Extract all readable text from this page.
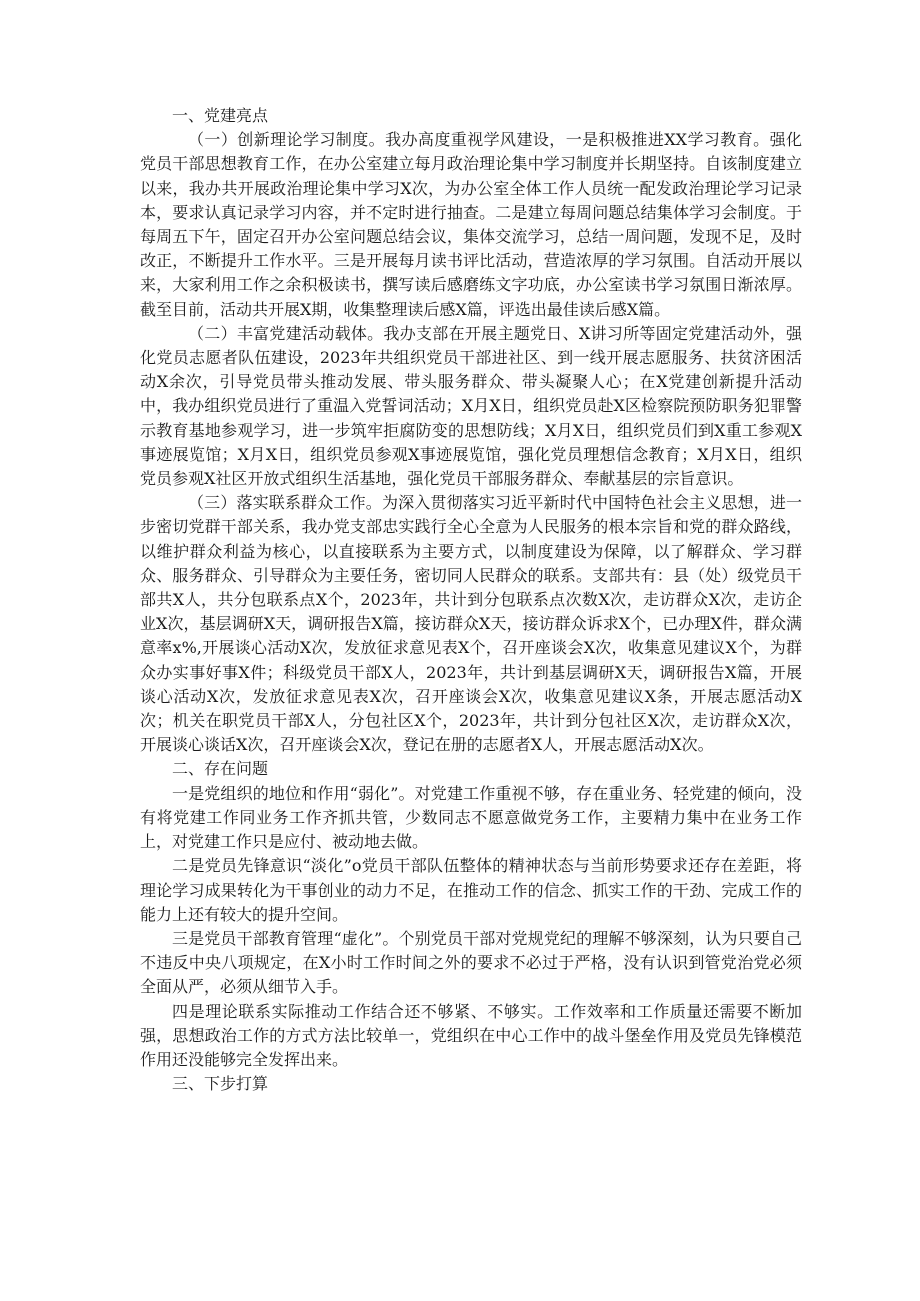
一、党建亮点

（一）创新理论学习制度。我办高度重视学风建设，一是积极推进XX学习教育。强化党员干部思想教育工作，在办公室建立每月政治理论集中学习制度并长期坚持。自该制度建立以来，我办共开展政治理论集中学习X次，为办公室全体工作人员统一配发政治理论学习记录本，要求认真记录学习内容，并不定时进行抽查。二是建立每周问题总结集体学习会制度。于每周五下午，固定召开办公室问题总结会议，集体交流学习，总结一周问题，发现不足，及时改正，不断提升工作水平。三是开展每月读书评比活动，营造浓厚的学习氛围。自活动开展以来，大家利用工作之余积极读书，撰写读后感磨练文字功底，办公室读书学习氛围日渐浓厚。截至目前，活动共开展X期，收集整理读后感X篇，评选出最佳读后感X篇。

（二）丰富党建活动载体。我办支部在开展主题党日、X讲习所等固定党建活动外，强化党员志愿者队伍建设，2023年共组织党员干部进社区、到一线开展志愿服务、扶贫济困活动X余次，引导党员带头推动发展、带头服务群众、带头凝聚人心；在X党建创新提升活动中，我办组织党员进行了重温入党誓词活动；X月X日，组织党员赴X区检察院预防职务犯罪警示教育基地参观学习，进一步筑牢拒腐防变的思想防线；X月X日，组织党员们到X重工参观X事迹展览馆；X月X日，组织党员参观X事迹展览馆，强化党员理想信念教育；X月X日，组织党员参观X社区开放式组织生活基地，强化党员干部服务群众、奉献基层的宗旨意识。

（三）落实联系群众工作。为深入贯彻落实习近平新时代中国特色社会主义思想，进一步密切党群干部关系，我办党支部忠实践行全心全意为人民服务的根本宗旨和党的群众路线，以维护群众利益为核心，以直接联系为主要方式，以制度建设为保障，以了解群众、学习群众、服务群众、引导群众为主要任务，密切同人民群众的联系。支部共有：县（处）级党员干部共X人，共分包联系点X个，2023年，共计到分包联系点次数X次，走访群众X次，走访企业X次，基层调研X天，调研报告X篇，接访群众X天，接访群众诉求X个，已办理X件，群众满意率x%,开展谈心活动X次，发放征求意见表X个，召开座谈会X次，收集意见建议X个，为群众办实事好事X件；科级党员干部X人，2023年，共计到基层调研X天，调研报告X篇，开展谈心活动X次，发放征求意见表X次，召开座谈会X次，收集意见建议X条，开展志愿活动X次；机关在职党员干部X人，分包社区X个，2023年，共计到分包社区X次，走访群众X次，开展谈心谈话X次，召开座谈会X次，登记在册的志愿者X人，开展志愿活动X次。

二、存在问题

一是党组织的地位和作用“弱化”。对党建工作重视不够，存在重业务、轻党建的倾向，没有将党建工作同业务工作齐抓共管，少数同志不愿意做党务工作，主要精力集中在业务工作上，对党建工作只是应付、被动地去做。

二是党员先锋意识“淡化”o党员干部队伍整体的精神状态与当前形势要求还存在差距，将理论学习成果转化为干事创业的动力不足，在推动工作的信念、抓实工作的干劲、完成工作的能力上还有较大的提升空间。

三是党员干部教育管理“虚化”。个别党员干部对党规党纪的理解不够深刻，认为只要自己不违反中央八项规定，在X小时工作时间之外的要求不必过于严格，没有认识到管党治党必须全面从严，必须从细节入手。

四是理论联系实际推动工作结合还不够紧、不够实。工作效率和工作质量还需要不断加强，思想政治工作的方式方法比较单一，党组织在中心工作中的战斗堡垒作用及党员先锋模范作用还没能够完全发挥出来。

三、下步打算
